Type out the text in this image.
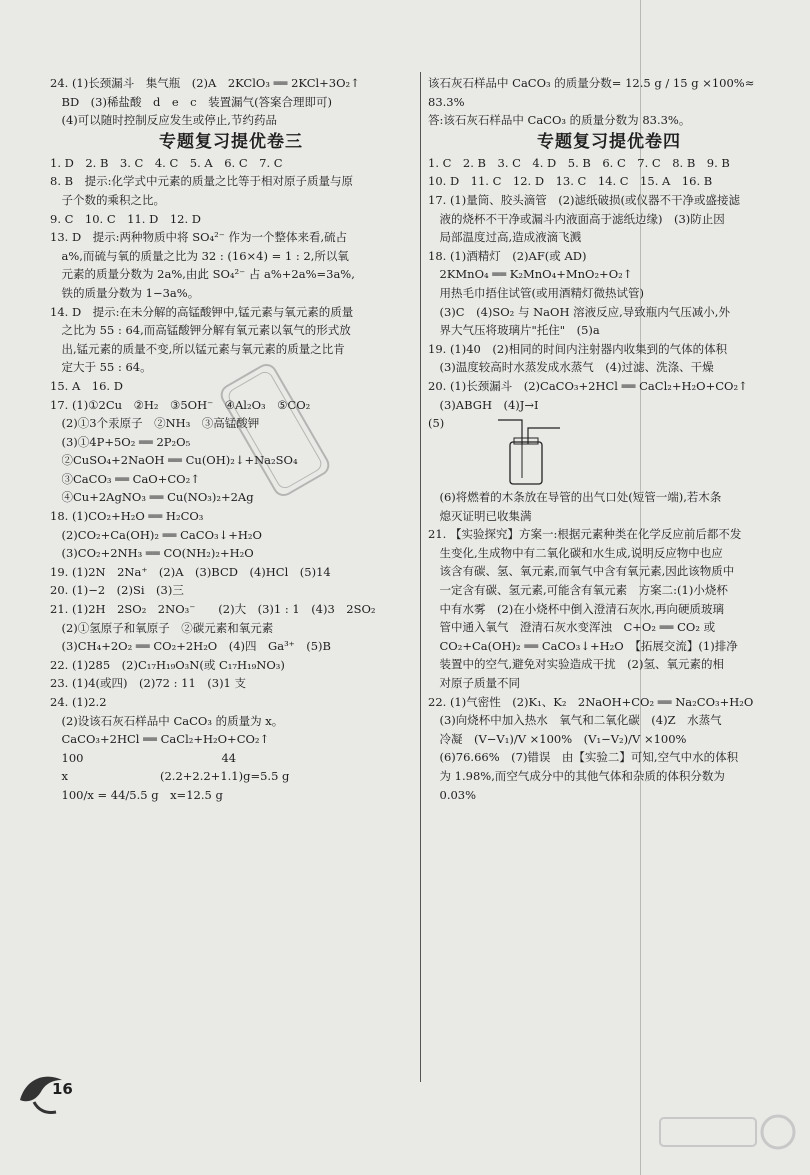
24. (1)长颈漏斗　集气瓶　(2)A　2KClO₃ ══ 2KCl+3O₂↑
　BD　(3)稀盐酸　d　e　c　装置漏气(答案合理即可)
　(4)可以随时控制反应发生或停止,节约药品
专题复习提优卷三
1. D　2. B　3. C　4. C　5. A　6. C　7. C
8. B　提示:化学式中元素的质量之比等于相对原子质量与原
　子个数的乘积之比。
9. C　10. C　11. D　12. D
13. D　提示:两种物质中将 SO₄²⁻ 作为一个整体来看,硫占
　a%,而硫与氧的质量之比为 32 : (16×4) = 1 : 2,所以氧
　元素的质量分数为 2a%,由此 SO₄²⁻ 占 a%+2a%=3a%,
　铁的质量分数为 1−3a%。
14. D　提示:在未分解的高锰酸钾中,锰元素与氧元素的质量
　之比为 55 : 64,而高锰酸钾分解有氧元素以氧气的形式放
　出,锰元素的质量不变,所以锰元素与氧元素的质量之比肯
　定大于 55 : 64。
15. A　16. D
17. (1)①2Cu　②H₂　③5OH⁻　④Al₂O₃　⑤CO₂
　(2)①3个汞原子　②NH₃　③高锰酸钾
　(3)①4P+5O₂ ══ 2P₂O₅
　②CuSO₄+2NaOH ══ Cu(OH)₂↓+Na₂SO₄
　③CaCO₃ ══ CaO+CO₂↑
　④Cu+2AgNO₃ ══ Cu(NO₃)₂+2Ag
18. (1)CO₂+H₂O ══ H₂CO₃
　(2)CO₂+Ca(OH)₂ ══ CaCO₃↓+H₂O
　(3)CO₂+2NH₃ ══ CO(NH₂)₂+H₂O
19. (1)2N　2Na⁺　(2)A　(3)BCD　(4)HCl　(5)14
20. (1)−2　(2)Si　(3)三
21. (1)2H　2SO₂　2NO₃⁻　　(2)大　(3)1 : 1　(4)3　2SO₂
　(2)①氢原子和氧原子　②碳元素和氧元素
　(3)CH₄+2O₂ ══ CO₂+2H₂O　(4)四　Ga³⁺　(5)B
22. (1)285　(2)C₁₇H₁₉O₃N(或 C₁₇H₁₉NO₃)
23. (1)4(或四)　(2)72 : 11　(3)1 支
24. (1)2.2
　(2)设该石灰石样品中 CaCO₃ 的质量为 x。
　CaCO₃+2HCl ══ CaCl₂+H₂O+CO₂↑
　100　　　　　　　　　　　　44
　x　　　　　　　　(2.2+2.2+1.1)g=5.5 g
　100/x = 44/5.5 g　x=12.5 g
该石灰石样品中 CaCO₃ 的质量分数= 12.5 g / 15 g ×100%≈
83.3%
答:该石灰石样品中 CaCO₃ 的质量分数为 83.3%。
专题复习提优卷四
1. C　2. B　3. C　4. D　5. B　6. C　7. C　8. B　9. B
10. D　11. C　12. D　13. C　14. C　15. A　16. B
17. (1)量筒、胶头滴管　(2)滤纸破损(或仪器不干净或盛接滤
　液的烧杯不干净或漏斗内液面高于滤纸边缘)　(3)防止因
　局部温度过高,造成液滴飞溅
18. (1)酒精灯　(2)AF(或 AD)
　2KMnO₄ ══ K₂MnO₄+MnO₂+O₂↑
　用热毛巾捂住试管(或用酒精灯微热试管)
　(3)C　(4)SO₂ 与 NaOH 溶液反应,导致瓶内气压减小,外
　界大气压将玻璃片"托住"　(5)a
19. (1)40　(2)相同的时间内注射器内收集到的气体的体积
　(3)温度较高时水蒸发成水蒸气　(4)过滤、洗涤、干燥
20. (1)长颈漏斗　(2)CaCO₃+2HCl ══ CaCl₂+H₂O+CO₂↑
　(3)ABGH　(4)J→I
(5)
　(6)将燃着的木条放在导管的出气口处(短管一端),若木条
　熄灭证明已收集满
21. 【实验探究】方案一:根据元素种类在化学反应前后都不发
　生变化,生成物中有二氧化碳和水生成,说明反应物中也应
　该含有碳、氢、氧元素,而氧气中含有氧元素,因此该物质中
　一定含有碳、氢元素,可能含有氧元素　方案二:(1)小烧杯
　中有水雾　(2)在小烧杯中倒入澄清石灰水,再向硬质玻璃
　管中通入氧气　澄清石灰水变浑浊　C+O₂ ══ CO₂ 或
　CO₂+Ca(OH)₂ ══ CaCO₃↓+H₂O　【拓展交流】(1)排净
　装置中的空气,避免对实验造成干扰　(2)氢、氧元素的相
　对原子质量不同
22. (1)气密性　(2)K₁、K₂　2NaOH+CO₂ ══ Na₂CO₃+H₂O
　(3)向烧杯中加入热水　氧气和二氧化碳　(4)Z　水蒸气
　冷凝　(V−V₁)/V ×100%　(V₁−V₂)/V ×100%
　(6)76.66%　(7)错误　由【实验二】可知,空气中水的体积
　为 1.98%,而空气成分中的其他气体和杂质的体积分数为
　0.03%
16
